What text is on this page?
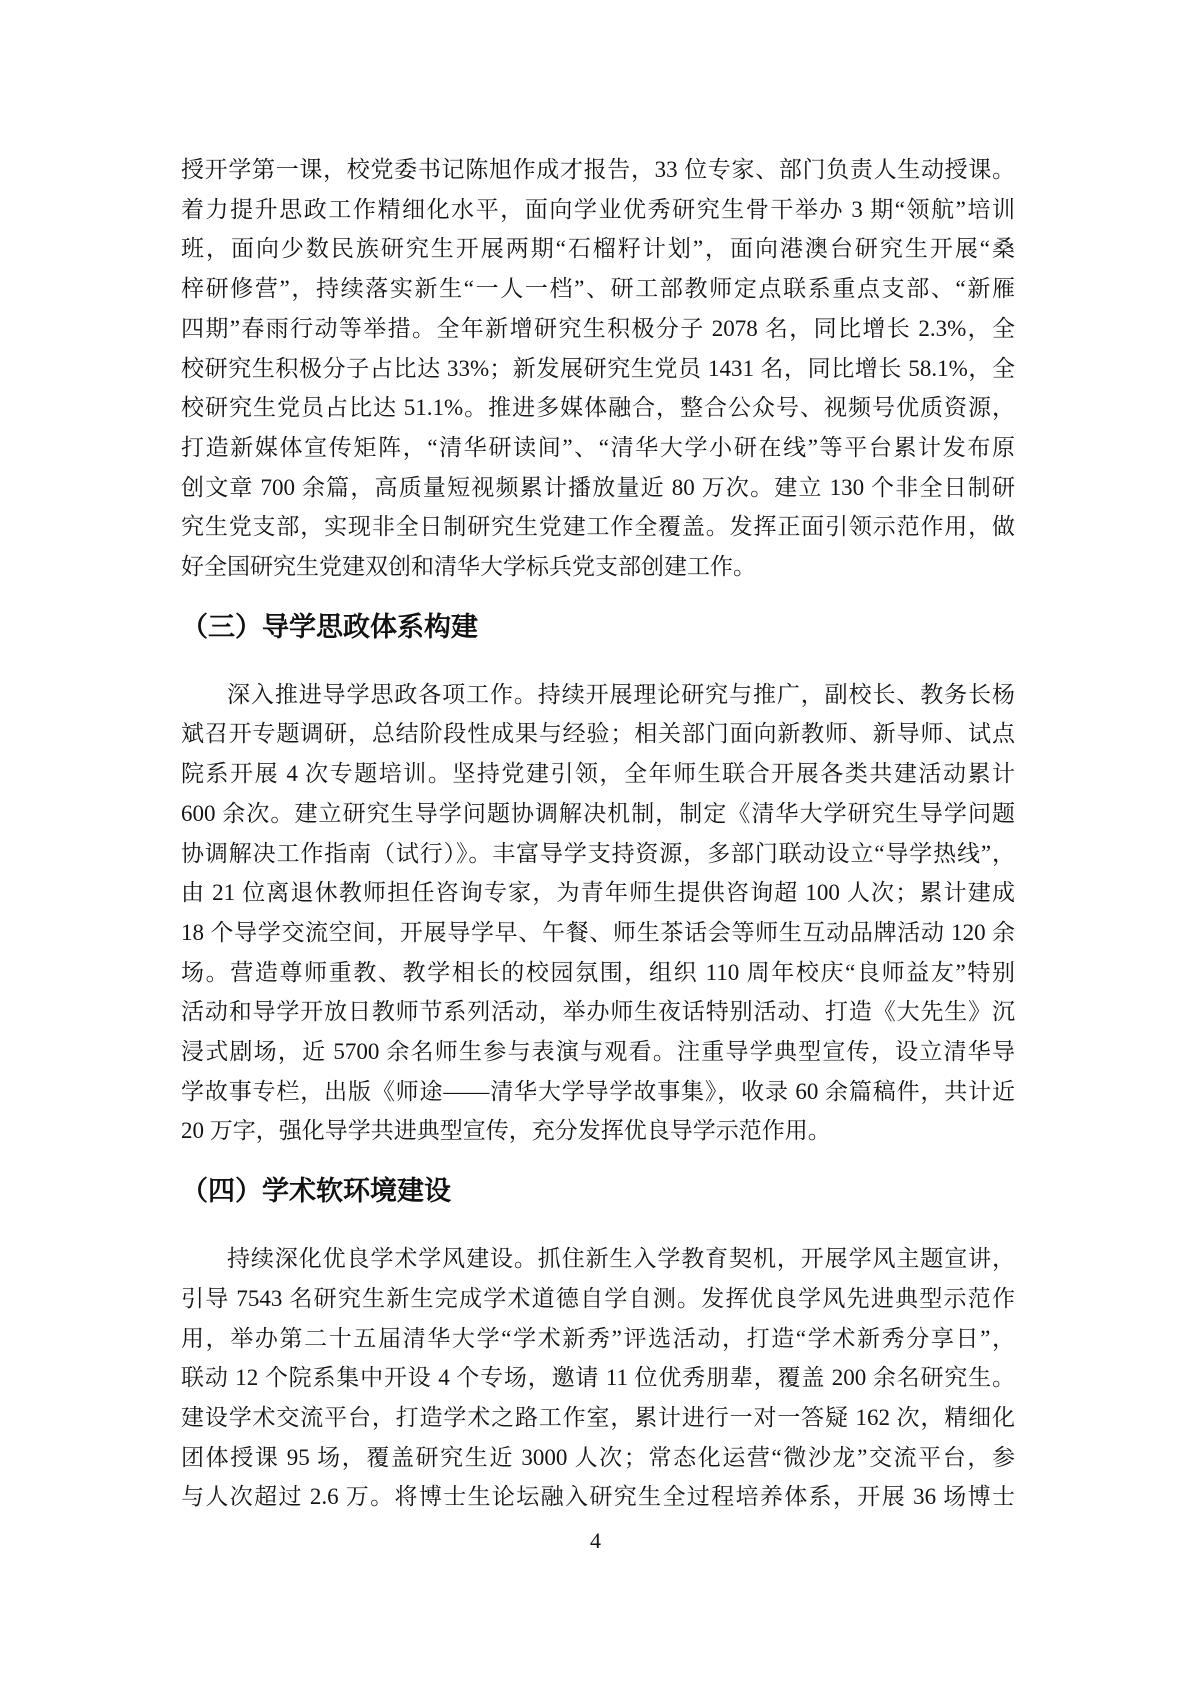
授开学第一课，校党委书记陈旭作成才报告，33 位专家、部门负责人生动授课。
着力提升思政工作精细化水平，面向学业优秀研究生骨干举办 3 期“领航”培训
班，面向少数民族研究生开展两期“石榴籽计划”，面向港澳台研究生开展“桑
梓研修营”，持续落实新生“一人一档”、研工部教师定点联系重点支部、“新雁
四期”春雨行动等举措。全年新增研究生积极分子 2078 名，同比增长 2.3%，全
校研究生积极分子占比达 33%；新发展研究生党员 1431 名，同比增长 58.1%，全
校研究生党员占比达 51.1%。推进多媒体融合，整合公众号、视频号优质资源，
打造新媒体宣传矩阵，“清华研读间”、“清华大学小研在线”等平台累计发布原
创文章 700 余篇，高质量短视频累计播放量近 80 万次。建立 130 个非全日制研
究生党支部，实现非全日制研究生党建工作全覆盖。发挥正面引领示范作用，做
好全国研究生党建双创和清华大学标兵党支部创建工作。
（三）导学思政体系构建
深入推进导学思政各项工作。持续开展理论研究与推广，副校长、教务长杨
斌召开专题调研，总结阶段性成果与经验；相关部门面向新教师、新导师、试点
院系开展 4 次专题培训。坚持党建引领，全年师生联合开展各类共建活动累计
600 余次。建立研究生导学问题协调解决机制，制定《清华大学研究生导学问题
协调解决工作指南（试行）》。丰富导学支持资源，多部门联动设立“导学热线”，
由 21 位离退休教师担任咨询专家，为青年师生提供咨询超 100 人次；累计建成
18 个导学交流空间，开展导学早、午餐、师生茶话会等师生互动品牌活动 120 余
场。营造尊师重教、教学相长的校园氛围，组织 110 周年校庆“良师益友”特别
活动和导学开放日教师节系列活动，举办师生夜话特别活动、打造《大先生》沉
浸式剧场，近 5700 余名师生参与表演与观看。注重导学典型宣传，设立清华导
学故事专栏，出版《师途——清华大学导学故事集》，收录 60 余篇稿件，共计近
20 万字，强化导学共进典型宣传，充分发挥优良导学示范作用。
（四）学术软环境建设
持续深化优良学术学风建设。抓住新生入学教育契机，开展学风主题宣讲，
引导 7543 名研究生新生完成学术道德自学自测。发挥优良学风先进典型示范作
用，举办第二十五届清华大学“学术新秀”评选活动，打造“学术新秀分享日”，
联动 12 个院系集中开设 4 个专场，邀请 11 位优秀朋辈，覆盖 200 余名研究生。
建设学术交流平台，打造学术之路工作室，累计进行一对一答疑 162 次，精细化
团体授课 95 场，覆盖研究生近 3000 人次；常态化运营“微沙龙”交流平台，参
与人次超过 2.6 万。将博士生论坛融入研究生全过程培养体系，开展 36 场博士
4
